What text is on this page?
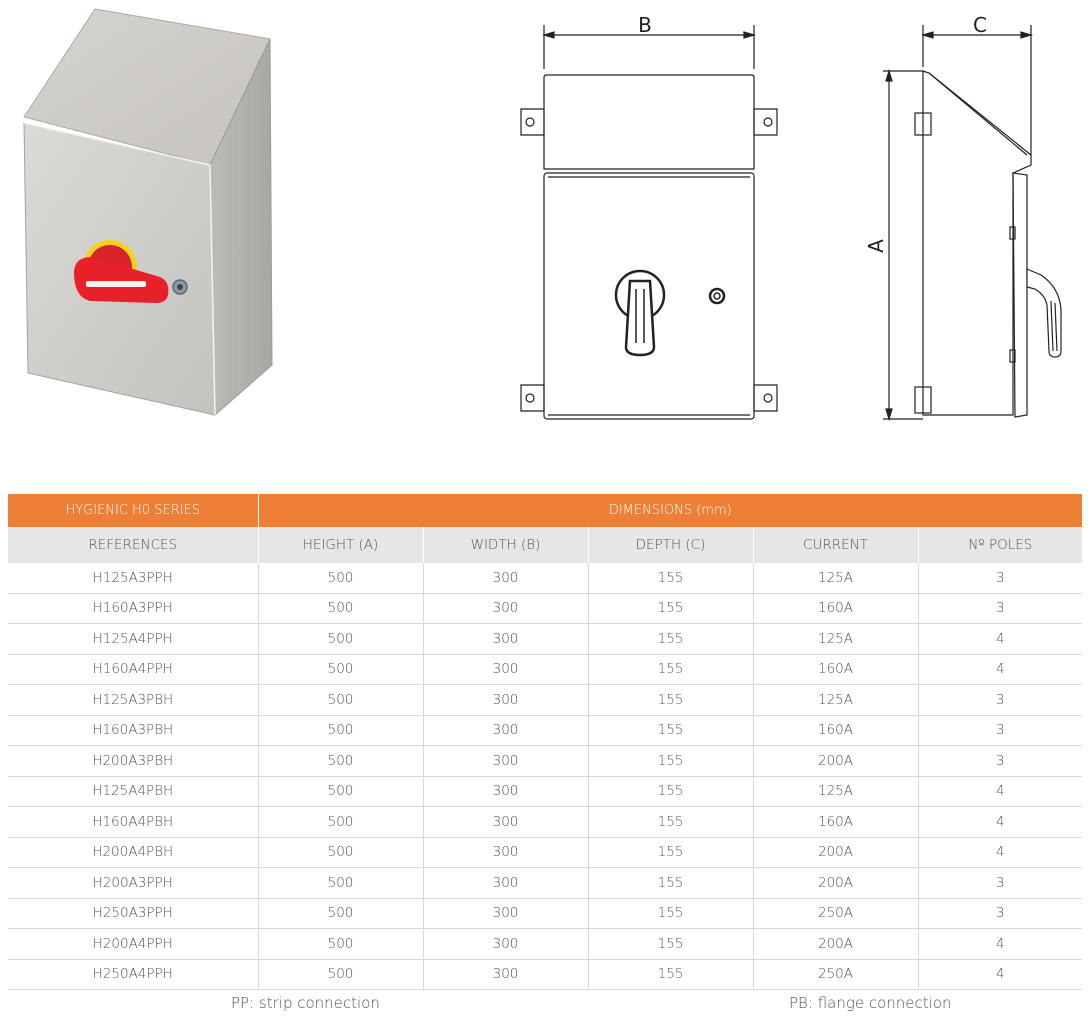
B	C
A
HYGIENIC H0 SERIES	DIMENSIONS (mm)				
REFERENCES	HEIGHT (A)	WIDTH (B)	DEPTH (C)	CURRENT	Nº POLES
H125A3PPH	500	300	155	125A	3
H160A3PPH	500	300	155	160A	3
H125A4PPH	500	300	155	125A	4
H160A4PPH	500	300	155	160A	4
H125A3PBH	500	300	155	125A	3
H160A3PBH	500	300	155	160A	3
H200A3PBH	500	300	155	200A	3
H125A4PBH	500	300	155	125A	4
H160A4PBH	500	300	155	160A	4
H200A4PBH	500	300	155	200A	4
H200A3PPH	500	300	155	200A	3
H250A3PPH	500	300	155	250A	3
H200A4PPH	500	300	155	200A	4
H250A4PPH	500	300	155	250A	4
PP: strip connection	PB: flange connection
